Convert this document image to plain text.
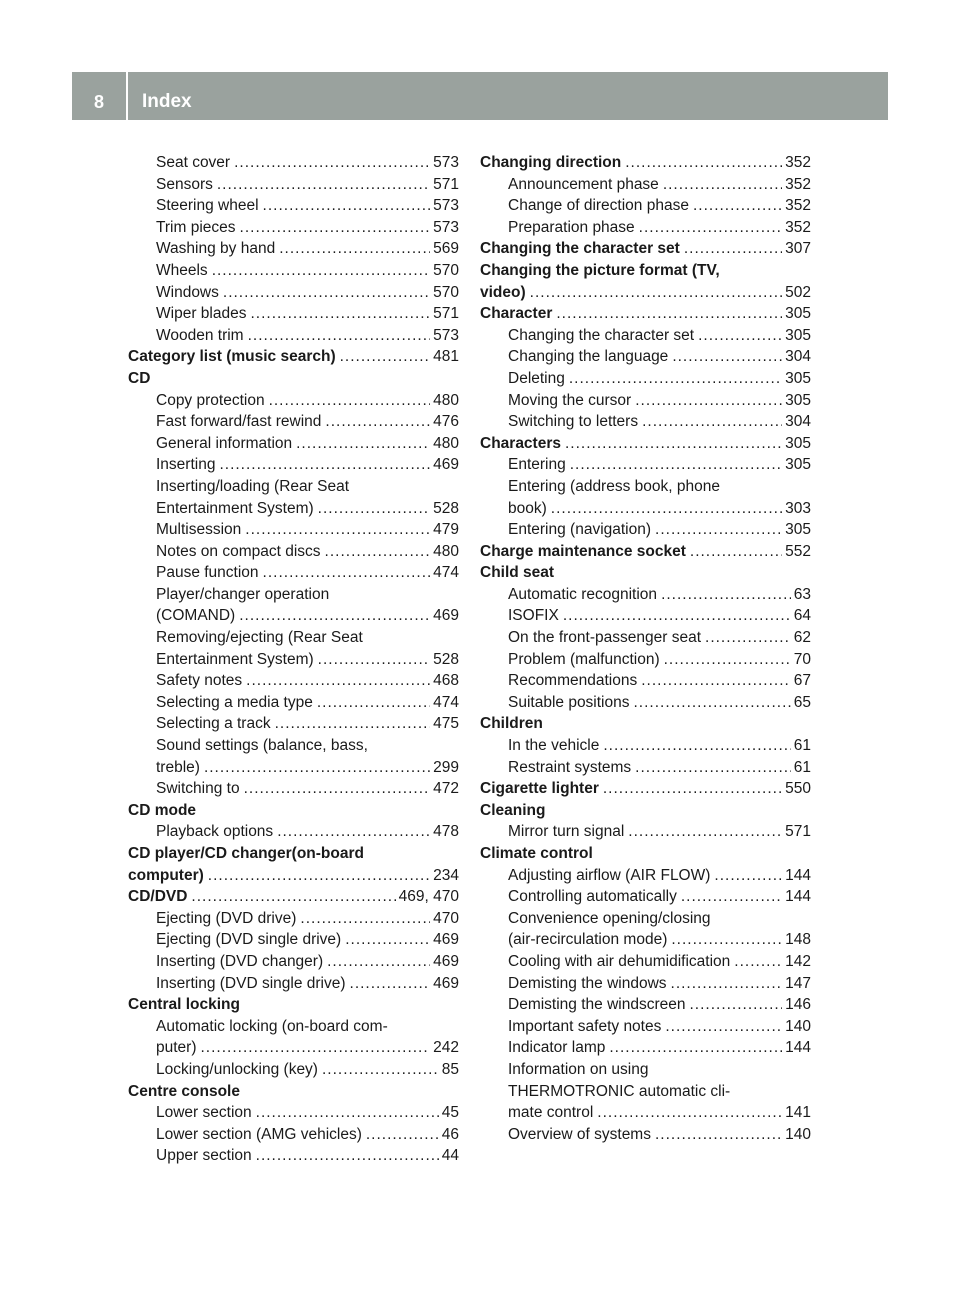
8	Index
Seat cover .....	573
Sensors .....	571
Steering wheel .....	573
Trim pieces .....	573
Washing by hand .....	569
Wheels .....	570
Windows .....	570
Wiper blades .....	571
Wooden trim .....	573
Category list (music search) .....	481
CD
Copy protection .....	480
Fast forward/fast rewind .....	476
General information .....	480
Inserting .....	469
Inserting/loading (Rear Seat
Entertainment System) .....	528
Multisession .....	479
Notes on compact discs .....	480
Pause function .....	474
Player/changer operation
(COMAND) .....	469
Removing/ejecting (Rear Seat
Entertainment System) .....	528
Safety notes .....	468
Selecting a media type .....	474
Selecting a track .....	475
Sound settings (balance, bass,
treble) .....	299
Switching to .....	472
CD mode
Playback options .....	478
CD player/CD changer(on-board
computer) .....	234
CD/DVD .....	469, 470
Ejecting (DVD drive) .....	470
Ejecting (DVD single drive) .....	469
Inserting (DVD changer) .....	469
Inserting (DVD single drive) .....	469
Central locking
Automatic locking (on-board com-
puter) .....	242
Locking/unlocking (key) .....	85
Centre console
Lower section .....	45
Lower section (AMG vehicles) .....	46
Upper section .....	44
Changing direction .....	352
Announcement phase .....	352
Change of direction phase .....	352
Preparation phase .....	352
Changing the character set .....	307
Changing the picture format (TV,
video) .....	502
Character .....	305
Changing the character set .....	305
Changing the language .....	304
Deleting .....	305
Moving the cursor .....	305
Switching to letters .....	304
Characters .....	305
Entering .....	305
Entering (address book, phone
book) .....	303
Entering (navigation) .....	305
Charge maintenance socket .....	552
Child seat
Automatic recognition .....	63
ISOFIX .....	64
On the front-passenger seat .....	62
Problem (malfunction) .....	70
Recommendations .....	67
Suitable positions .....	65
Children
In the vehicle .....	61
Restraint systems .....	61
Cigarette lighter .....	550
Cleaning
Mirror turn signal .....	571
Climate control
Adjusting airflow (AIR FLOW) .....	144
Controlling automatically .....	144
Convenience opening/closing
(air-recirculation mode) .....	148
Cooling with air dehumidification .....	142
Demisting the windows .....	147
Demisting the windscreen .....	146
Important safety notes .....	140
Indicator lamp .....	144
Information on using
THERMOTRONIC automatic cli-
mate control .....	141
Overview of systems .....	140
